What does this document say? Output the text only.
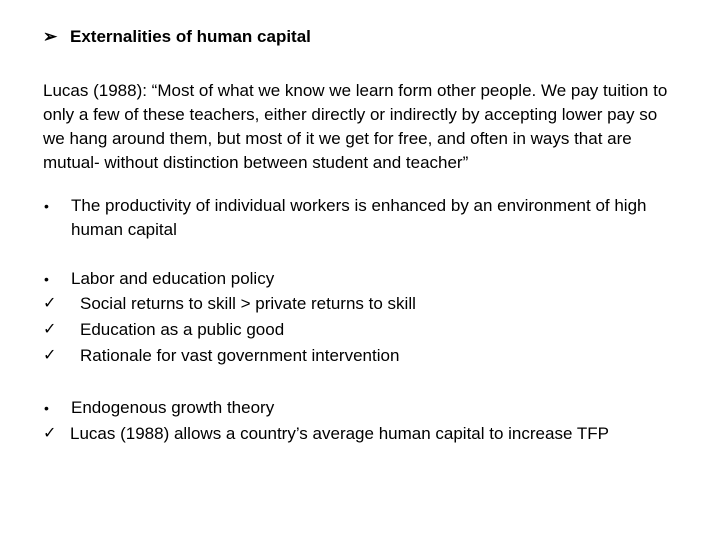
➢ Externalities of human capital
Lucas (1988): “Most of what we know we learn form other people. We pay tuition to only a few of these teachers, either directly or indirectly by accepting lower pay so we hang around them, but most of it we get for free, and often in ways that are mutual- without distinction between student and teacher”
•	The productivity of individual workers is enhanced by an environment of high human capital
•	Labor and education policy
✓	Social returns to skill > private returns to skill
✓	Education as a public good
✓	Rationale for vast government intervention
•	Endogenous growth theory
✓ Lucas (1988) allows a country’s average human capital to increase TFP
